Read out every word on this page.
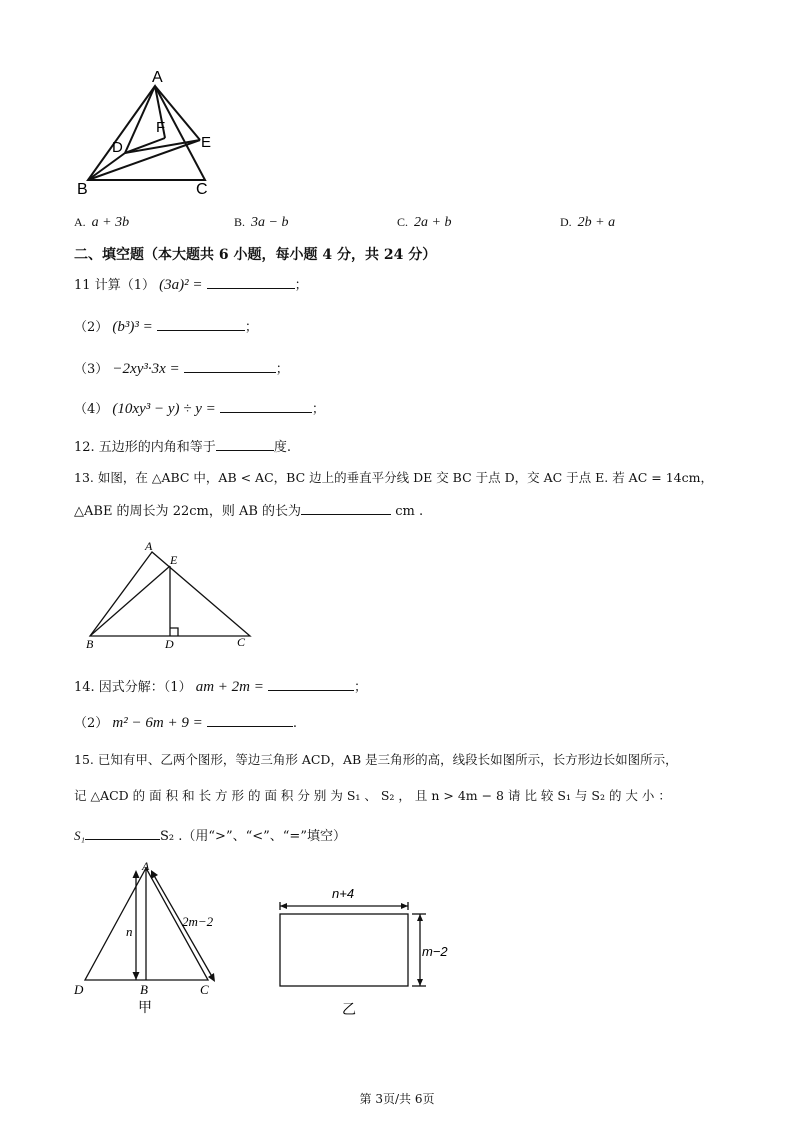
A
D
F
E
B	C
A. a + 3b	B. 3a − b	C. 2a + b	D. 2b + a
二、填空题（本大题共 6 小题，每小题 4 分，共 24 分）
11 计算（1） (3a)² =	；
（2） (b³)³ =	；
（3） −2xy³·3x =	；
（4） (10xy³ − y) ÷ y =	；
12. 五边形的内角和等于	度.
13. 如图，在 △ABC 中，AB < AC，BC 边上的垂直平分线 DE 交 BC 于点 D，交 AC 于点 E. 若 AC = 14cm，
△ABE 的周长为 22cm，则 AB 的长为	cm .
A
E
B	D	C
14. 因式分解：（1） am + 2m =	；
（2） m² − 6m + 9 =	.
15. 已知有甲、乙两个图形，等边三角形 ACD，AB 是三角形的高，线段长如图所示，长方形边长如图所示，
记 △ACD 的 面 积 和 长 方 形 的 面 积 分 别 为 S₁ 、 S₂ ， 且 n > 4m − 8 请 比 较 S₁ 与 S₂ 的 大 小 ：
S₁	S₂ .（用“>”、“<”、“=”填空）
A
n
2m−2
D	B	C
甲
n+4
m−2
乙
第 3页/共 6页
